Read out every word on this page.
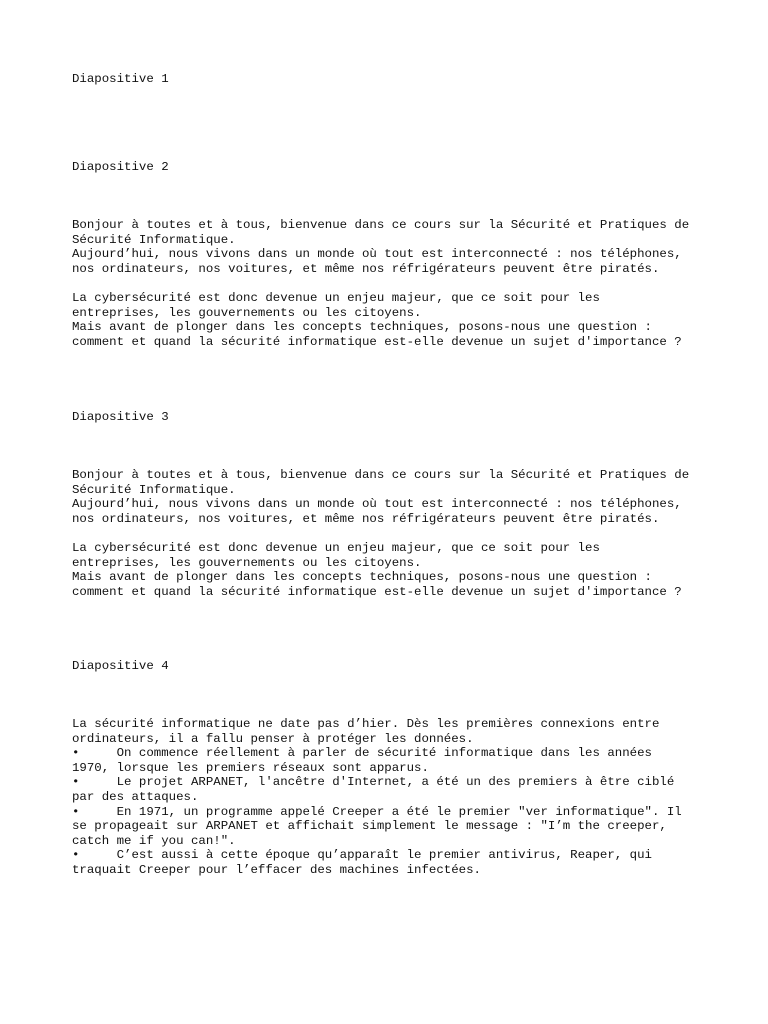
Diapositive 1

Diapositive 2

Bonjour à toutes et à tous, bienvenue dans ce cours sur la Sécurité et Pratiques de
Sécurité Informatique.
Aujourd’hui, nous vivons dans un monde où tout est interconnecté : nos téléphones,
nos ordinateurs, nos voitures, et même nos réfrigérateurs peuvent être piratés.

La cybersécurité est donc devenue un enjeu majeur, que ce soit pour les
entreprises, les gouvernements ou les citoyens.
Mais avant de plonger dans les concepts techniques, posons-nous une question :
comment et quand la sécurité informatique est-elle devenue un sujet d'importance ?

Diapositive 3

Bonjour à toutes et à tous, bienvenue dans ce cours sur la Sécurité et Pratiques de
Sécurité Informatique.
Aujourd’hui, nous vivons dans un monde où tout est interconnecté : nos téléphones,
nos ordinateurs, nos voitures, et même nos réfrigérateurs peuvent être piratés.

La cybersécurité est donc devenue un enjeu majeur, que ce soit pour les
entreprises, les gouvernements ou les citoyens.
Mais avant de plonger dans les concepts techniques, posons-nous une question :
comment et quand la sécurité informatique est-elle devenue un sujet d'importance ?

Diapositive 4

La sécurité informatique ne date pas d’hier. Dès les premières connexions entre
ordinateurs, il a fallu penser à protéger les données.
•     On commence réellement à parler de sécurité informatique dans les années
1970, lorsque les premiers réseaux sont apparus.
•     Le projet ARPANET, l'ancêtre d'Internet, a été un des premiers à être ciblé
par des attaques.
•     En 1971, un programme appelé Creeper a été le premier "ver informatique". Il
se propageait sur ARPANET et affichait simplement le message : "I’m the creeper,
catch me if you can!".
•     C’est aussi à cette époque qu’apparaît le premier antivirus, Reaper, qui
traquait Creeper pour l’effacer des machines infectées.
